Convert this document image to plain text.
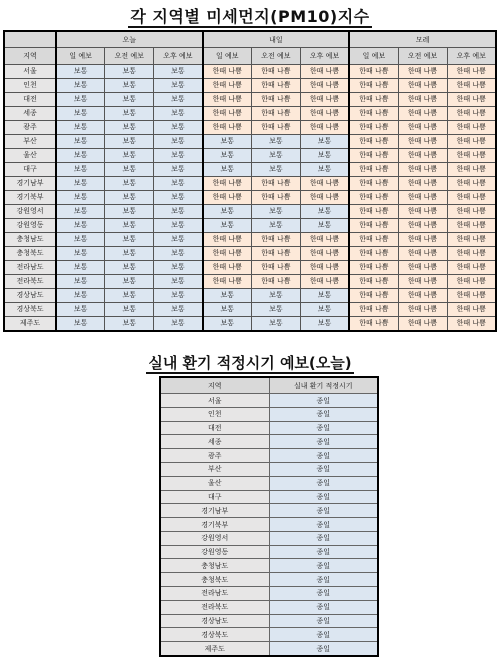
각 지역별 미세먼지(PM10)지수
	오늘			내일			모레		
지역	일 예보	오전 예보	오후 예보	일 예보	오전 예보	오후 예보	일 예보	오전 예보	오후 예보
서울	보통	보통	보통	한때 나쁨	한때 나쁨	한때 나쁨	한때 나쁨	한때 나쁨	한때 나쁨
인천	보통	보통	보통	한때 나쁨	한때 나쁨	한때 나쁨	한때 나쁨	한때 나쁨	한때 나쁨
대전	보통	보통	보통	한때 나쁨	한때 나쁨	한때 나쁨	한때 나쁨	한때 나쁨	한때 나쁨
세종	보통	보통	보통	한때 나쁨	한때 나쁨	한때 나쁨	한때 나쁨	한때 나쁨	한때 나쁨
광주	보통	보통	보통	한때 나쁨	한때 나쁨	한때 나쁨	한때 나쁨	한때 나쁨	한때 나쁨
부산	보통	보통	보통	보통	보통	보통	한때 나쁨	한때 나쁨	한때 나쁨
울산	보통	보통	보통	보통	보통	보통	한때 나쁨	한때 나쁨	한때 나쁨
대구	보통	보통	보통	보통	보통	보통	한때 나쁨	한때 나쁨	한때 나쁨
경기남부	보통	보통	보통	한때 나쁨	한때 나쁨	한때 나쁨	한때 나쁨	한때 나쁨	한때 나쁨
경기북부	보통	보통	보통	한때 나쁨	한때 나쁨	한때 나쁨	한때 나쁨	한때 나쁨	한때 나쁨
강원영서	보통	보통	보통	보통	보통	보통	한때 나쁨	한때 나쁨	한때 나쁨
강원영동	보통	보통	보통	보통	보통	보통	한때 나쁨	한때 나쁨	한때 나쁨
충청남도	보통	보통	보통	한때 나쁨	한때 나쁨	한때 나쁨	한때 나쁨	한때 나쁨	한때 나쁨
충청북도	보통	보통	보통	한때 나쁨	한때 나쁨	한때 나쁨	한때 나쁨	한때 나쁨	한때 나쁨
전라남도	보통	보통	보통	한때 나쁨	한때 나쁨	한때 나쁨	한때 나쁨	한때 나쁨	한때 나쁨
전라북도	보통	보통	보통	한때 나쁨	한때 나쁨	한때 나쁨	한때 나쁨	한때 나쁨	한때 나쁨
경상남도	보통	보통	보통	보통	보통	보통	한때 나쁨	한때 나쁨	한때 나쁨
경상북도	보통	보통	보통	보통	보통	보통	한때 나쁨	한때 나쁨	한때 나쁨
제주도	보통	보통	보통	보통	보통	보통	한때 나쁨	한때 나쁨	한때 나쁨
실내 환기 적정시기 예보(오늘)
지역	실내 환기 적정시기
서울	종일
인천	종일
대전	종일
세종	종일
광주	종일
부산	종일
울산	종일
대구	종일
경기남부	종일
경기북부	종일
강원영서	종일
강원영동	종일
충청남도	종일
충청북도	종일
전라남도	종일
전라북도	종일
경상남도	종일
경상북도	종일
제주도	종일
